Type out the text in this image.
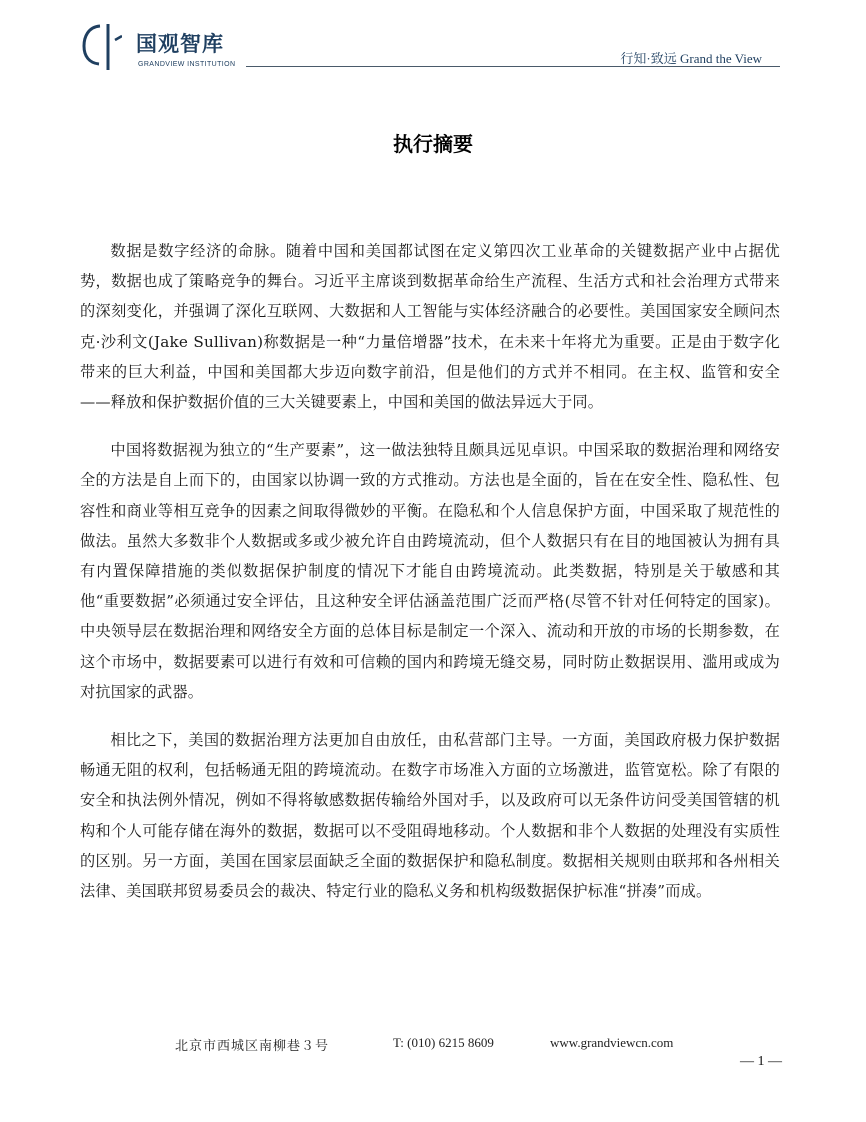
国观智库
GRANDVIEW INSTITUTION	行知·致远 Grand the View
执行摘要

数据是数字经济的命脉。随着中国和美国都试图在定义第四次工业革命的关键数据产业中占据优势，数据也成了策略竞争的舞台。习近平主席谈到数据革命给生产流程、生活方式和社会治理方式带来的深刻变化，并强调了深化互联网、大数据和人工智能与实体经济融合的必要性。美国国家安全顾问杰克·沙利文(Jake Sullivan)称数据是一种“力量倍增器”技术，在未来十年将尤为重要。正是由于数字化带来的巨大利益，中国和美国都大步迈向数字前沿，但是他们的方式并不相同。在主权、监管和安全——释放和保护数据价值的三大关键要素上，中国和美国的做法异远大于同。

中国将数据视为独立的“生产要素”，这一做法独特且颇具远见卓识。中国采取的数据治理和网络安全的方法是自上而下的，由国家以协调一致的方式推动。方法也是全面的，旨在在安全性、隐私性、包容性和商业等相互竞争的因素之间取得微妙的平衡。在隐私和个人信息保护方面，中国采取了规范性的做法。虽然大多数非个人数据或多或少被允许自由跨境流动，但个人数据只有在目的地国被认为拥有具有内置保障措施的类似数据保护制度的情况下才能自由跨境流动。此类数据，特别是关于敏感和其他“重要数据”必须通过安全评估，且这种安全评估涵盖范围广泛而严格(尽管不针对任何特定的国家)。中央领导层在数据治理和网络安全方面的总体目标是制定一个深入、流动和开放的市场的长期参数，在这个市场中，数据要素可以进行有效和可信赖的国内和跨境无缝交易，同时防止数据误用、滥用或成为对抗国家的武器。

相比之下，美国的数据治理方法更加自由放任，由私营部门主导。一方面，美国政府极力保护数据畅通无阻的权利，包括畅通无阻的跨境流动。在数字市场准入方面的立场激进，监管宽松。除了有限的安全和执法例外情况，例如不得将敏感数据传输给外国对手，以及政府可以无条件访问受美国管辖的机构和个人可能存储在海外的数据，数据可以不受阻碍地移动。个人数据和非个人数据的处理没有实质性的区别。另一方面，美国在国家层面缺乏全面的数据保护和隐私制度。数据相关规则由联邦和各州相关法律、美国联邦贸易委员会的裁决、特定行业的隐私义务和机构级数据保护标准“拼凑”而成。

北京市西城区南柳巷３号	T: (010) 6215 8609	www.grandviewcn.com
— 1 —
